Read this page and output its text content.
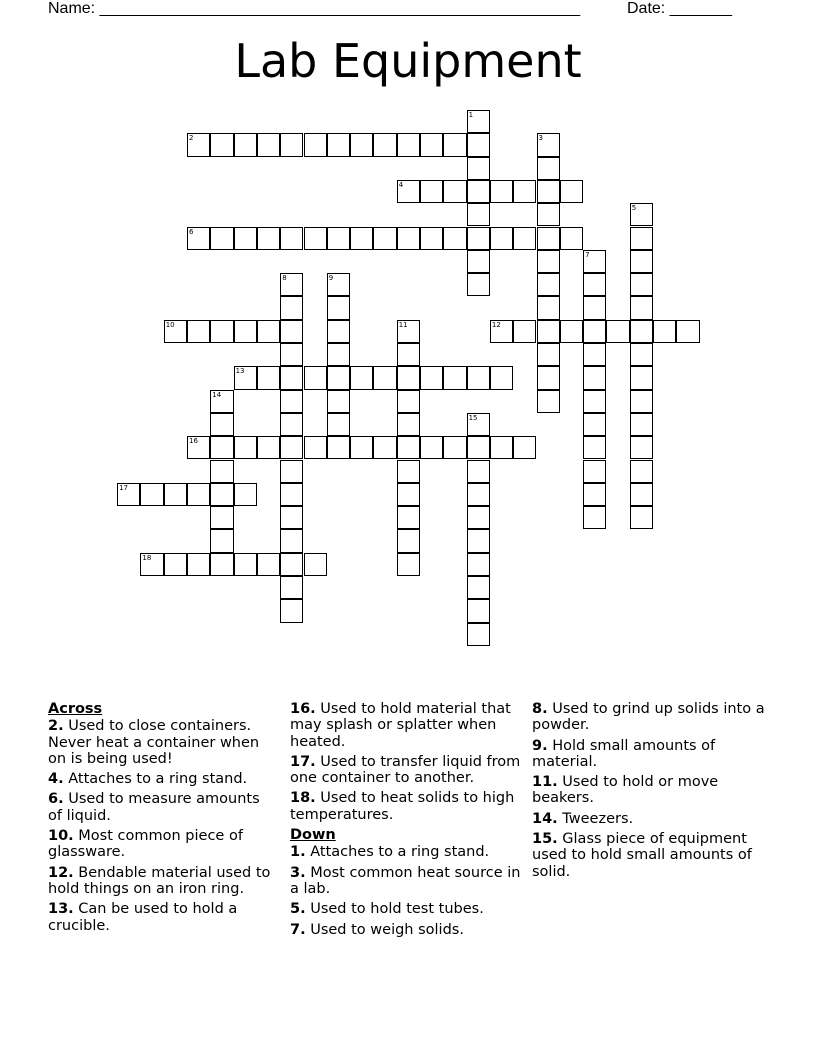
Name: ______________________________________________________	Date: _______
Lab Equipment
2
4
6
10	12
13
16
17
18
1
3
5
7
8	9
11
14
15
Across
2. Used to close containers. Never heat a container when on is being used!
4. Attaches to a ring stand.
6. Used to measure amounts of liquid.
10. Most common piece of glassware.
12. Bendable material used to hold things on an iron ring.
13. Can be used to hold a crucible.
16. Used to hold material that may splash or splatter when heated.
17. Used to transfer liquid from one container to another.
18. Used to heat solids to high temperatures.
Down
1. Attaches to a ring stand.
3. Most common heat source in a lab.
5. Used to hold test tubes.
7. Used to weigh solids.
8. Used to grind up solids into a powder.
9. Hold small amounts of material.
11. Used to hold or move beakers.
14. Tweezers.
15. Glass piece of equipment used to hold small amounts of solid.
